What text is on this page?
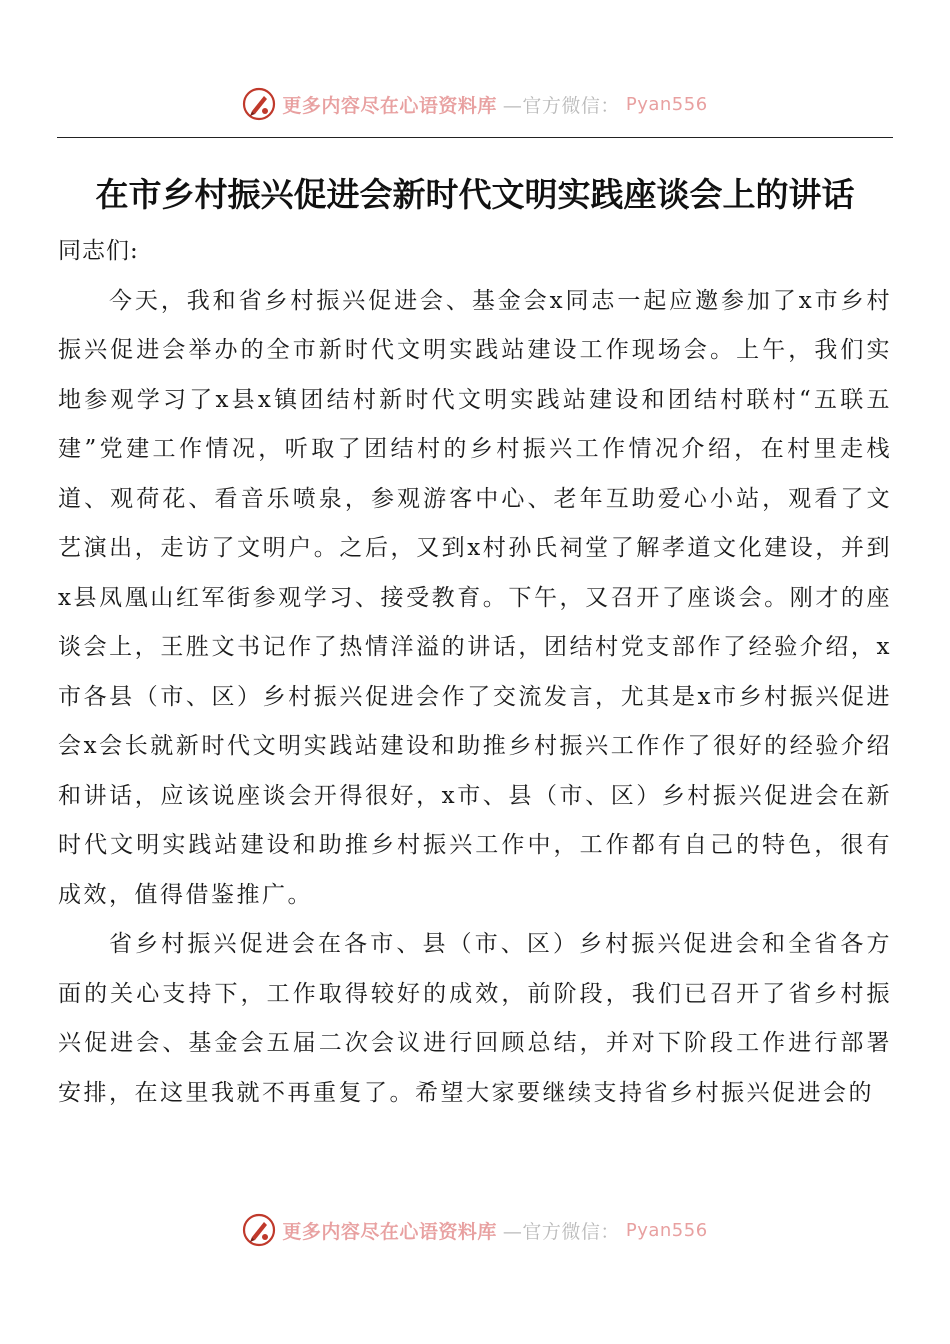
更多内容尽在心语资料库 —官方微信： Pyan556
在市乡村振兴促进会新时代文明实践座谈会上的讲话

同志们:

今天，我和省乡村振兴促进会、基金会x同志一起应邀参加了x市乡村振兴促进会举办的全市新时代文明实践站建设工作现场会。上午，我们实地参观学习了x县x镇团结村新时代文明实践站建设和团结村联村“五联五建”党建工作情况，听取了团结村的乡村振兴工作情况介绍，在村里走栈道、观荷花、看音乐喷泉，参观游客中心、老年互助爱心小站，观看了文艺演出，走访了文明户。之后，又到x村孙氏祠堂了解孝道文化建设，并到x县凤凰山红军街参观学习、接受教育。下午，又召开了座谈会。刚才的座谈会上，王胜文书记作了热情洋溢的讲话，团结村党支部作了经验介绍，x市各县（市、区）乡村振兴促进会作了交流发言，尤其是x市乡村振兴促进会x会长就新时代文明实践站建设和助推乡村振兴工作作了很好的经验介绍和讲话，应该说座谈会开得很好，x市、县（市、区）乡村振兴促进会在新时代文明实践站建设和助推乡村振兴工作中，工作都有自己的特色，很有成效，值得借鉴推广。

省乡村振兴促进会在各市、县（市、区）乡村振兴促进会和全省各方面的关心支持下，工作取得较好的成效，前阶段，我们已召开了省乡村振兴促进会、基金会五届二次会议进行回顾总结，并对下阶段工作进行部署安排，在这里我就不再重复了。希望大家要继续支持省乡村振兴促进会的

更多内容尽在心语资料库 —官方微信： Pyan556
